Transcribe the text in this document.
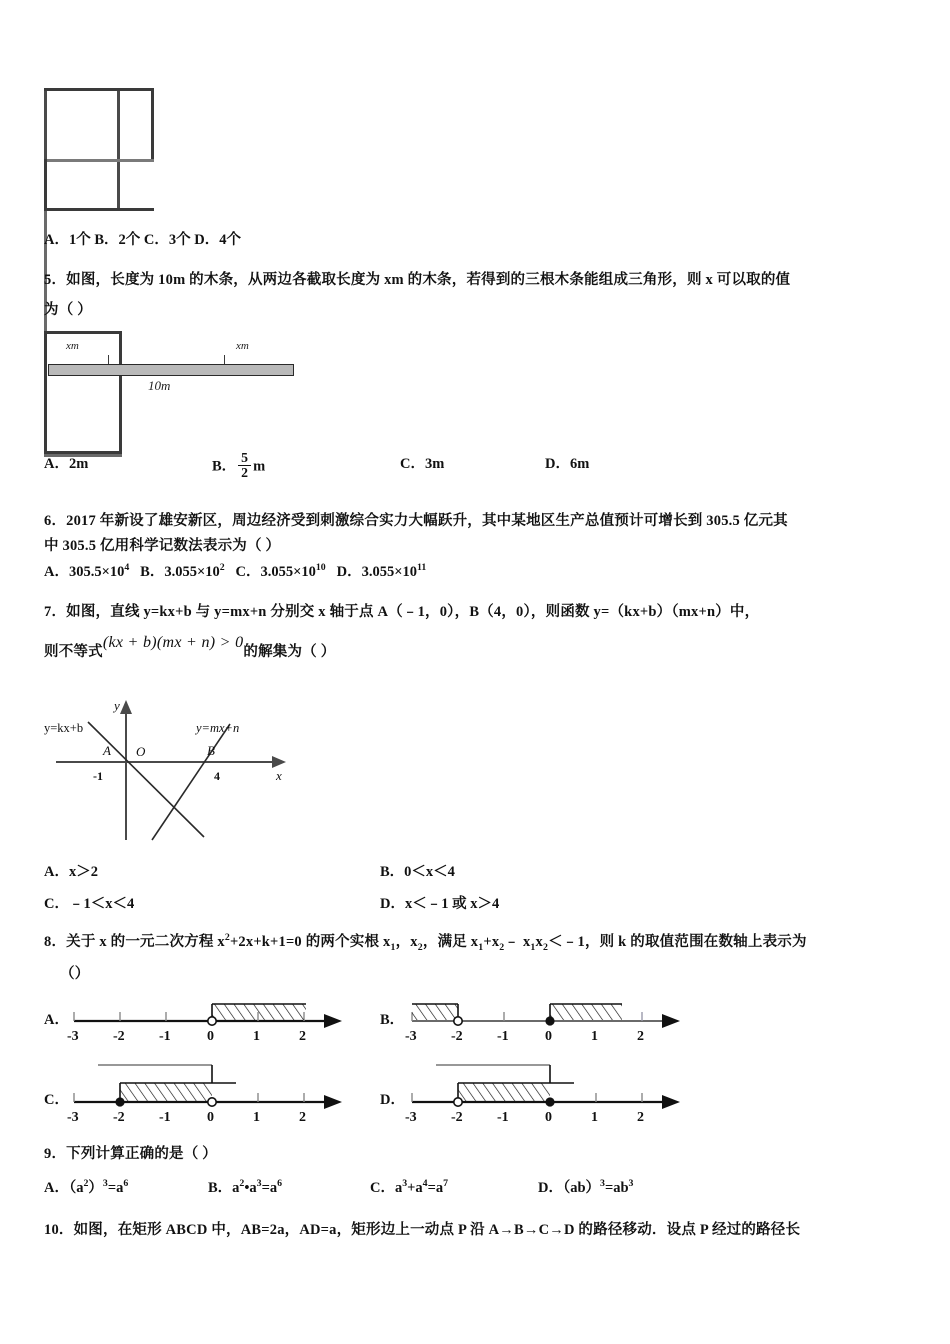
A．1个 B．2个 C．3个 D．4个
5．如图，长度为 10m 的木条，从两边各截取长度为 xm 的木条，若得到的三根木条能组成三角形，则 x 可以取的值
为（ ）
xm	xm
10m
A．2m	B． $\frac{5}{2}$ m	C．3m	D．6m
6．2017 年新设了雄安新区，周边经济受到刺激综合实力大幅跃升，其中某地区生产总值预计可增长到 305.5 亿元其
中 305.5 亿用科学记数法表示为（ ）
A．$305.5\times 10^4$ B．$3.055\times 10^2$ C．$3.055\times 10^{10}$ D．$3.055\times 10^{11}$
7．如图，直线 y=kx+b 与 y=mx+n 分别交 x 轴于点 A（﹣1，0），B（4，0），则函数 y=（kx+b）（mx+n）中，
则不等式(kx + b)(mx + n) > 0的解集为（ ）
y
x
O
A	B
-1	4
y=kx+b	y=mx+n
A．x＞2	B．0＜x＜4
C．﹣1＜x＜4	D．x＜﹣1 或 x＞4
8．关于 x 的一元二次方程 $x^2+2x+k+1=0$ 的两个实根 $x_1$，$x_2$，满足 $x_1+x_2﹣$ $x_1x_2<﹣1$，则 k 的取值范围在数轴上表示为
（）
A．
-3 -2 -1	0	1	2
B．
-3 -2 -1	0	1	2
C．
-3 -2 -1	0	1	2
D．
-3 -2 -1	0	1	2
9．下列计算正确的是（ ）
A．$(a^2)^3=a^6$	B．$a^2•a^3=a^6$	C．$a^3+a^4=a^7$	D．$(ab)^3=ab^3$
10．如图，在矩形 ABCD 中，AB=2a，AD=a，矩形边上一动点 P 沿 A→B→C→D 的路径移动．设点 P 经过的路径长
